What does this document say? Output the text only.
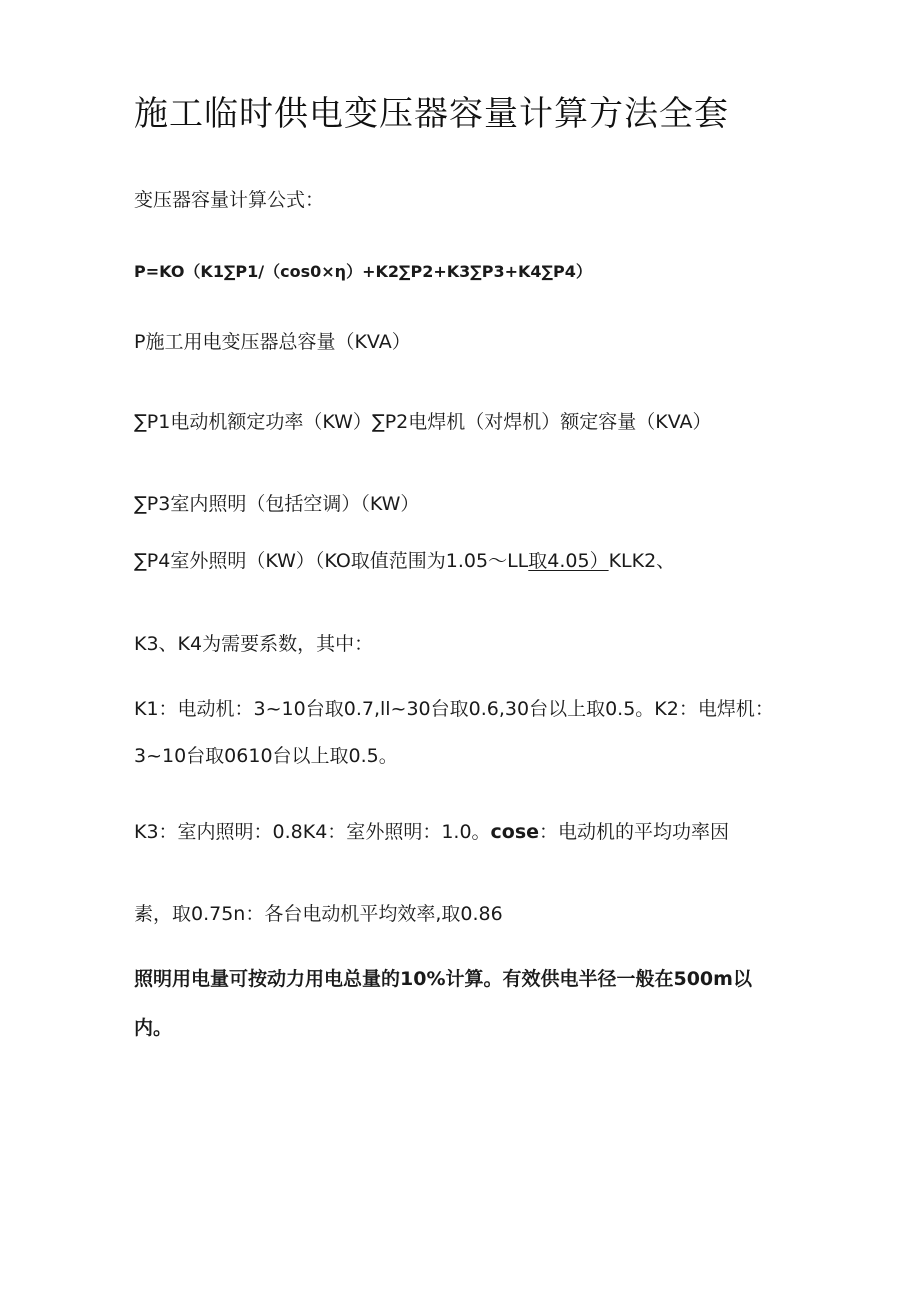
施工临时供电变压器容量计算方法全套
变压器容量计算公式：
P=KO（K1∑P1/（cos0×η）+K2∑P2+K3∑P3+K4∑P4）
P施工用电变压器总容量（KVA）
∑P1电动机额定功率（KW）∑P2电焊机（对焊机）额定容量（KVA）
∑P3室内照明（包括空调）（KW）
∑P4室外照明（KW）（KO取值范围为1.05～LL取4.05）KLK2、
K3、K4为需要系数，其中：
K1：电动机：3~10台取0.7,ll~30台取0.6,30台以上取0.5。K2：电焊机：
3~10台取0610台以上取0.5。
K3：室内照明：0.8K4：室外照明：1.0。cose：电动机的平均功率因
素，取0.75n：各台电动机平均效率,取0.86
照明用电量可按动力用电总量的10%计算。有效供电半径一般在500m以
内。
